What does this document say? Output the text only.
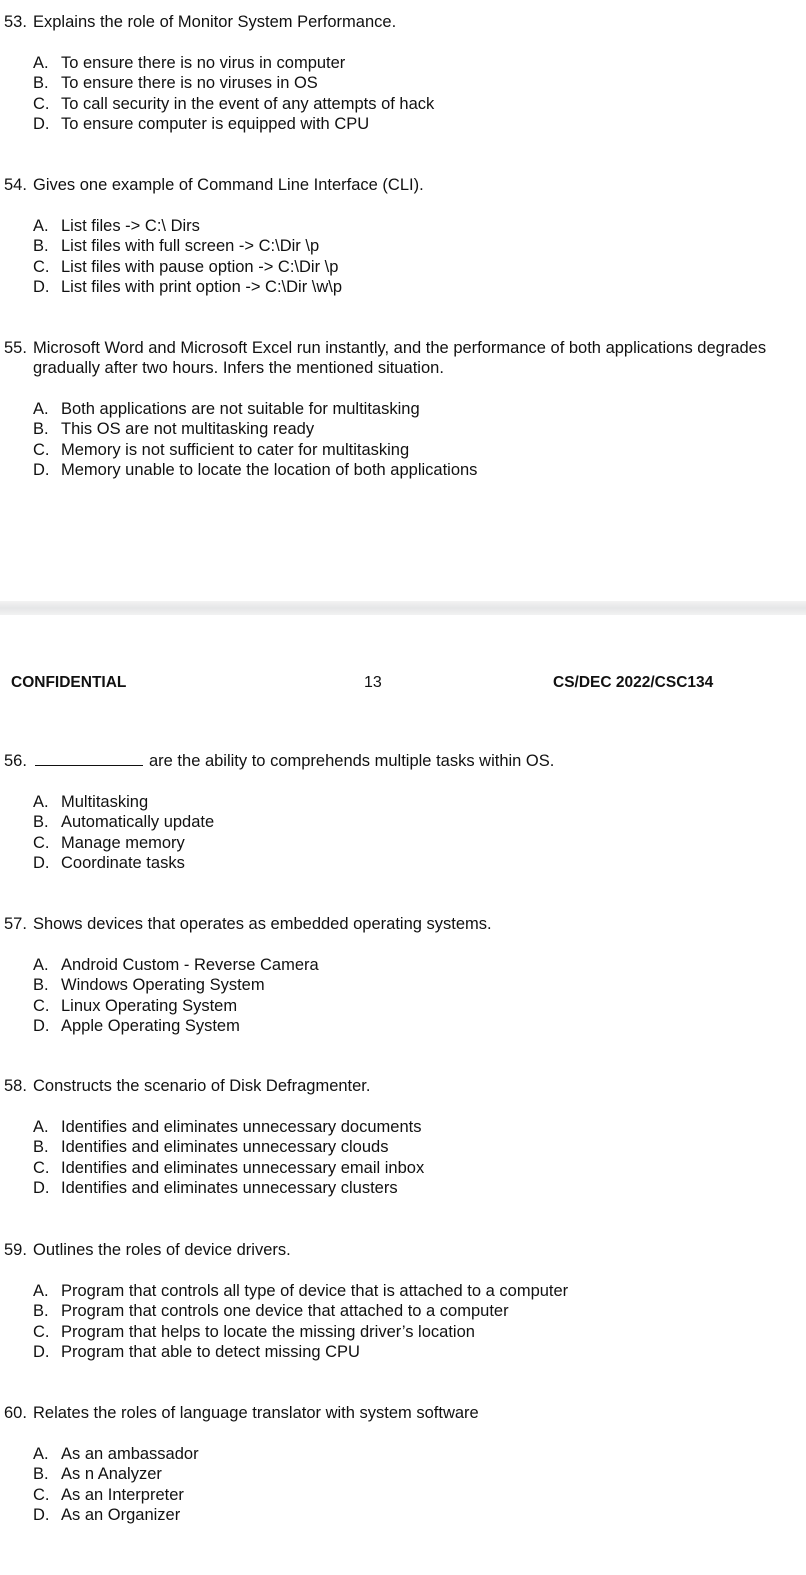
53. Explains the role of Monitor System Performance.
A. To ensure there is no virus in computer
B. To ensure there is no viruses in OS
C. To call security in the event of any attempts of hack
D. To ensure computer is equipped with CPU
54. Gives one example of Command Line Interface (CLI).
A. List files -> C:\ Dirs
B. List files with full screen -> C:\Dir \p
C. List files with pause option -> C:\Dir \p
D. List files with print option -> C:\Dir \w\p
55. Microsoft Word and Microsoft Excel run instantly, and the performance of both applications degrades gradually after two hours. Infers the mentioned situation.
A. Both applications are not suitable for multitasking
B. This OS are not multitasking ready
C. Memory is not sufficient to cater for multitasking
D. Memory unable to locate the location of both applications
CONFIDENTIAL	13	CS/DEC 2022/CSC134
56.	are the ability to comprehends multiple tasks within OS.
A. Multitasking
B. Automatically update
C. Manage memory
D. Coordinate tasks
57. Shows devices that operates as embedded operating systems.
A. Android Custom - Reverse Camera
B. Windows Operating System
C. Linux Operating System
D. Apple Operating System
58. Constructs the scenario of Disk Defragmenter.
A. Identifies and eliminates unnecessary documents
B. Identifies and eliminates unnecessary clouds
C. Identifies and eliminates unnecessary email inbox
D. Identifies and eliminates unnecessary clusters
59. Outlines the roles of device drivers.
A. Program that controls all type of device that is attached to a computer
B. Program that controls one device that attached to a computer
C. Program that helps to locate the missing driver’s location
D. Program that able to detect missing CPU
60. Relates the roles of language translator with system software
A. As an ambassador
B. As n Analyzer
C. As an Interpreter
D. As an Organizer
